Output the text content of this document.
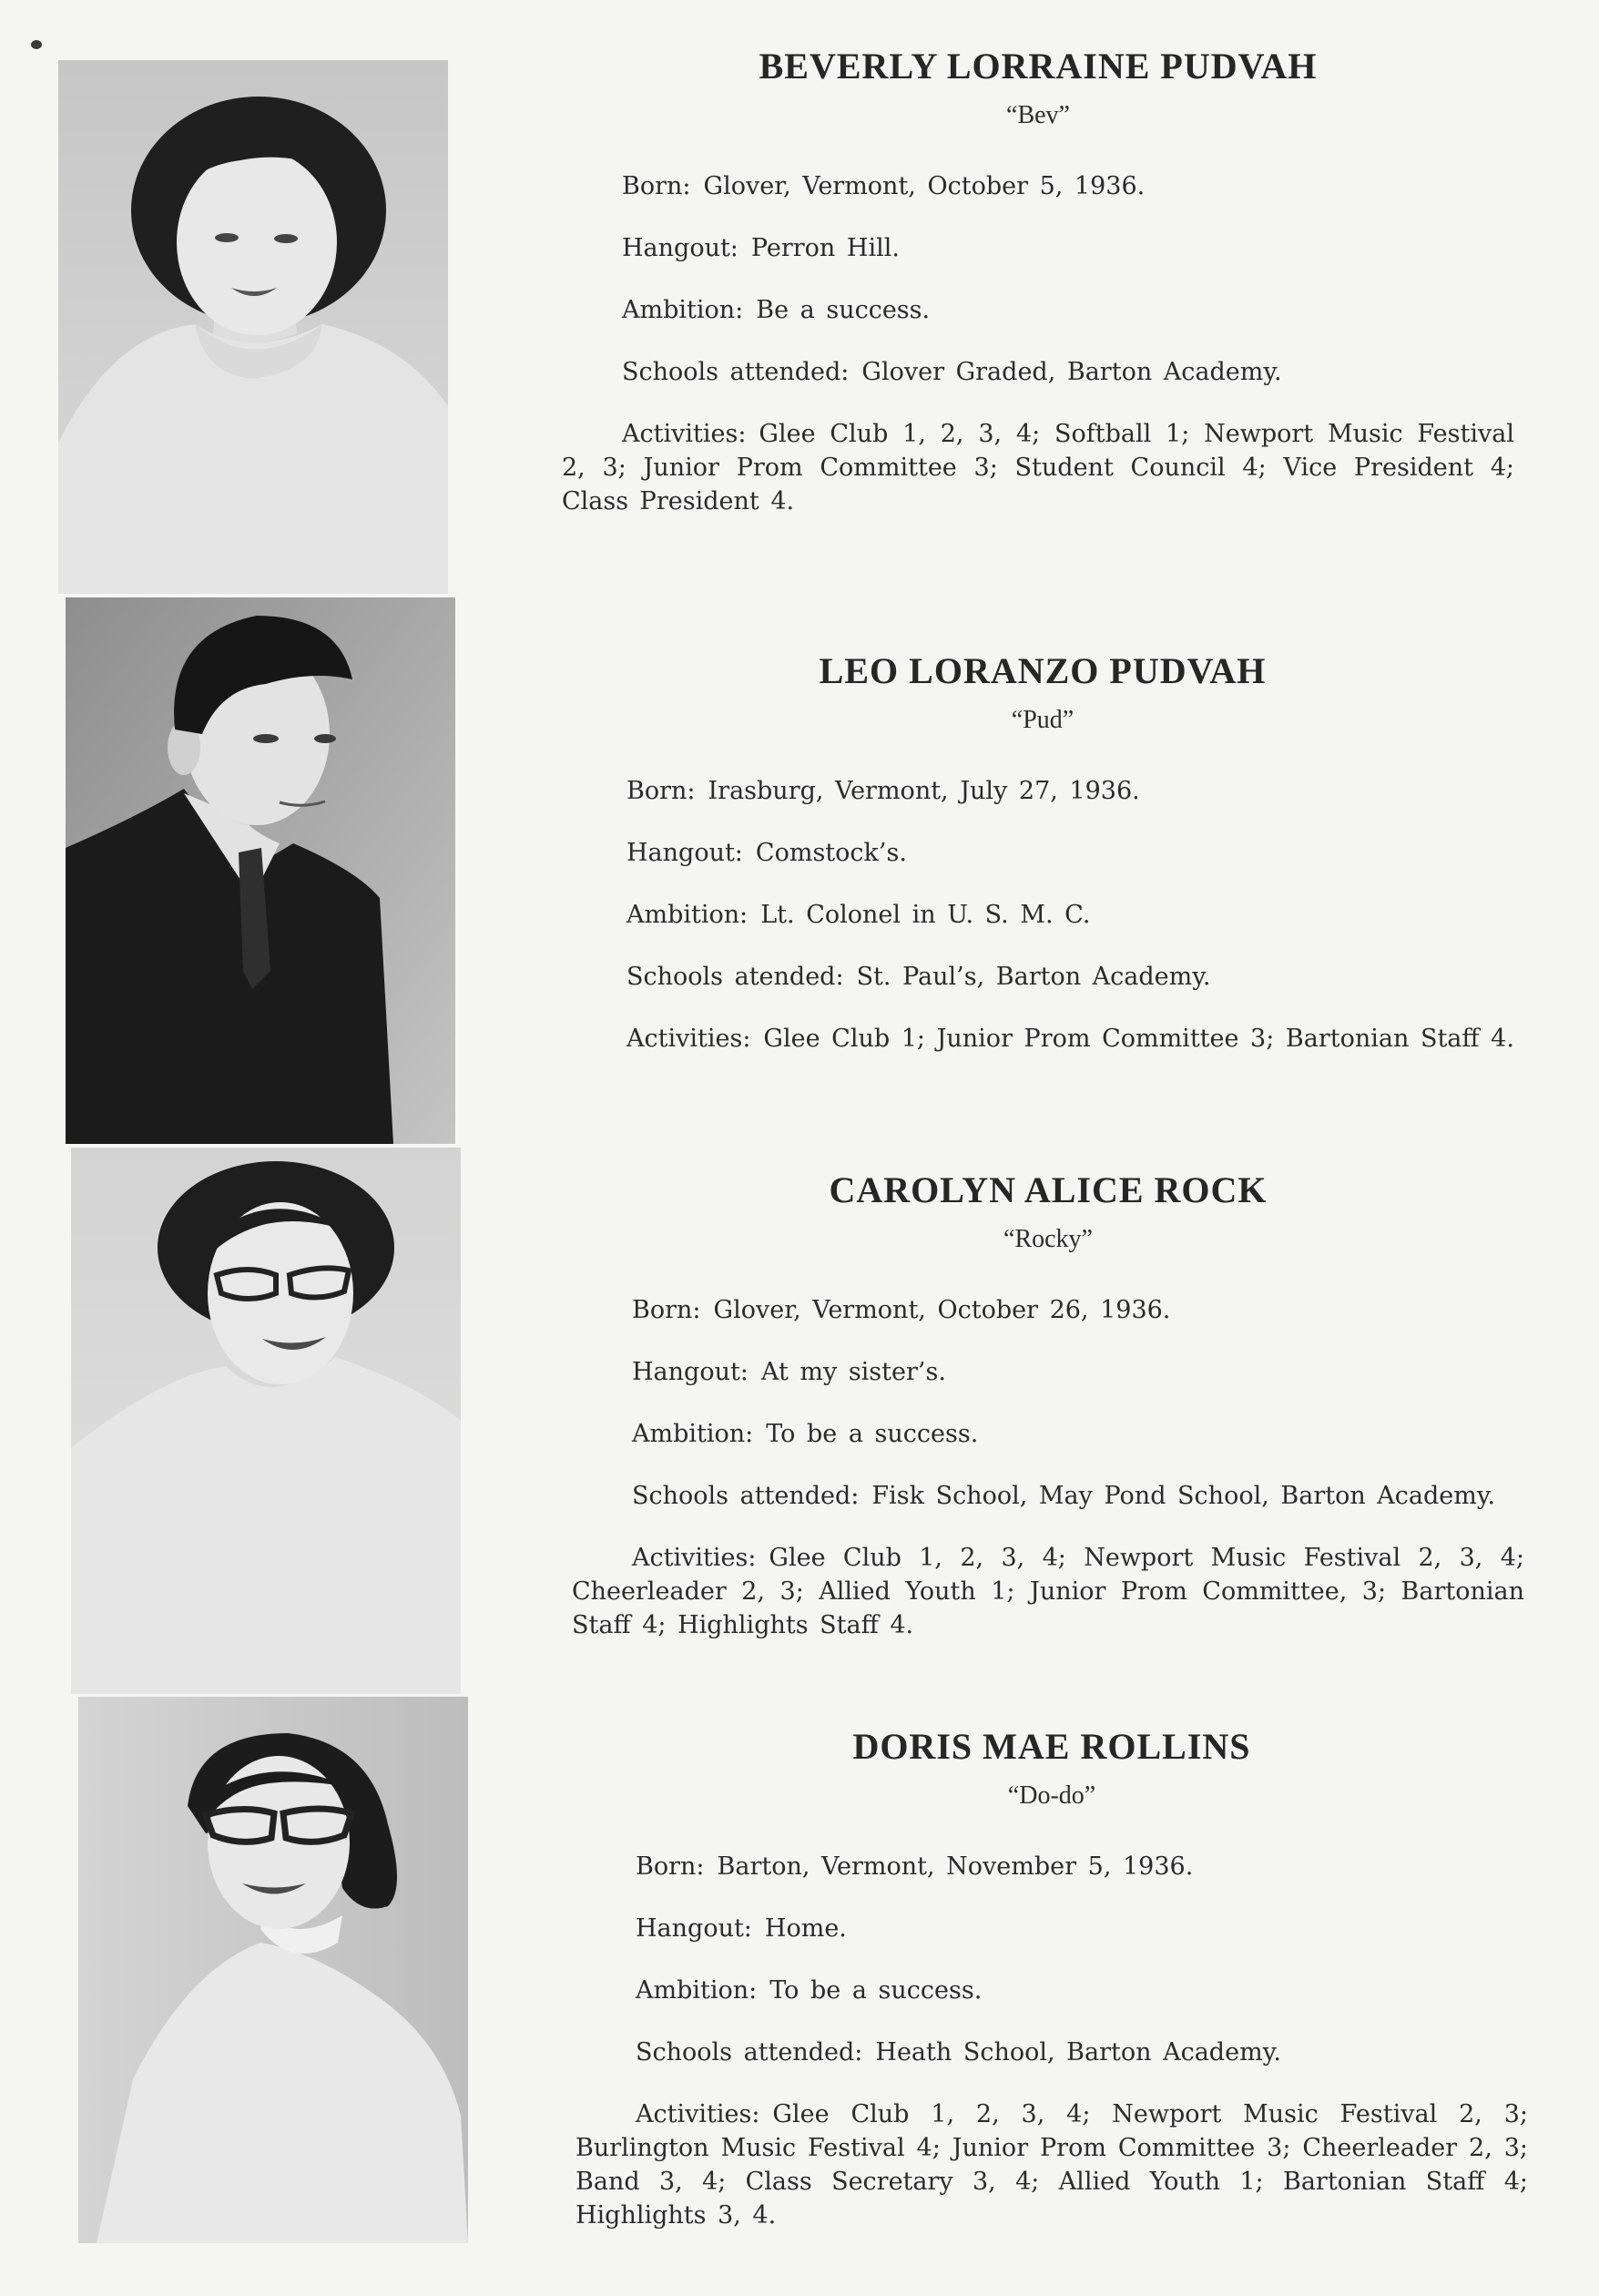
BEVERLY LORRAINE PUDVAH

“Bev”

Born: Glover, Vermont, October 5, 1936.

Hangout: Perron Hill.

Ambition: Be a success.

Schools attended: Glover Graded, Barton Academy.

Activities: Glee Club 1, 2, 3, 4; Softball 1; Newport Music Festival 2, 3; Junior Prom Committee 3; Student Council 4; Vice President 4; Class President 4.

LEO LORANZO PUDVAH

“Pud”

Born: Irasburg, Vermont, July 27, 1936.

Hangout: Comstock’s.

Ambition: Lt. Colonel in U. S. M. C.

Schools atended: St. Paul’s, Barton Academy.

Activities: Glee Club 1; Junior Prom Committee 3; Bartonian Staff 4.

CAROLYN ALICE ROCK

“Rocky”

Born: Glover, Vermont, October 26, 1936.

Hangout: At my sister’s.

Ambition: To be a success.

Schools attended: Fisk School, May Pond School, Barton Academy.

Activities: Glee Club 1, 2, 3, 4; Newport Music Festival 2, 3, 4; Cheerleader 2, 3; Allied Youth 1; Junior Prom Committee, 3; Bartonian Staff 4; Highlights Staff 4.

DORIS MAE ROLLINS

“Do-do”

Born: Barton, Vermont, November 5, 1936.

Hangout: Home.

Ambition: To be a success.

Schools attended: Heath School, Barton Academy.

Activities: Glee Club 1, 2, 3, 4; Newport Music Festival 2, 3; Burlington Music Festival 4; Junior Prom Committee 3; Cheerleader 2, 3; Band 3, 4; Class Secretary 3, 4; Allied Youth 1; Bartonian Staff 4; Highlights 3, 4.
